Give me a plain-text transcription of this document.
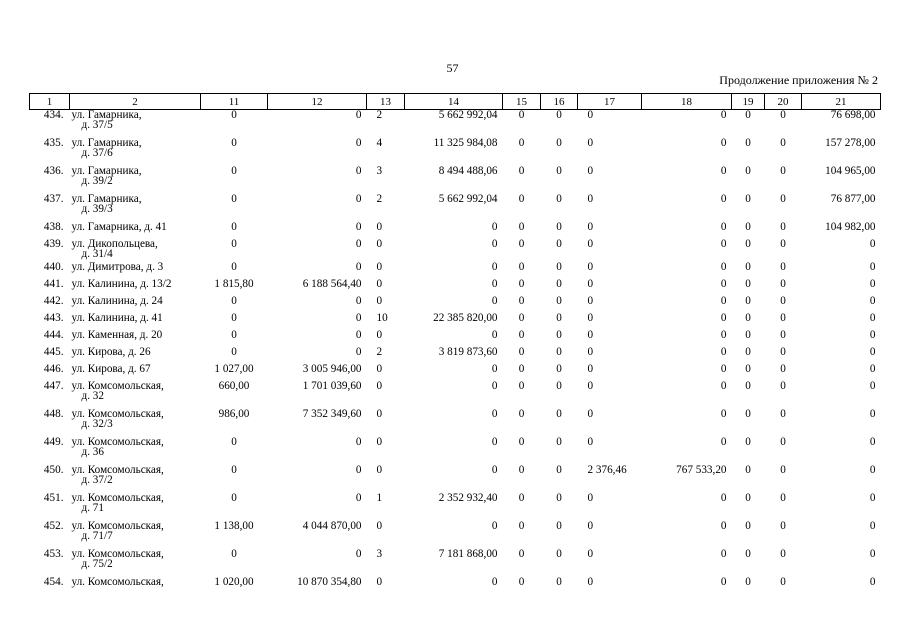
57
Продолжение приложения № 2
1	2	11	12	13	14	15	16	17	18	19	20	21
434.	ул. Гамарника,
д. 37/5	0	0	2	5 662 992,04	0	0	0	0	0	0	76 698,00
435.	ул. Гамарника,
д. 37/6	0	0	4	11 325 984,08	0	0	0	0	0	0	157 278,00
436.	ул. Гамарника,
д. 39/2	0	0	3	8 494 488,06	0	0	0	0	0	0	104 965,00
437.	ул. Гамарника,
д. 39/3	0	0	2	5 662 992,04	0	0	0	0	0	0	76 877,00
438.	ул. Гамарника, д. 41	0	0	0	0	0	0	0	0	0	0	104 982,00
439.	ул. Дикопольцева,
д. 31/4	0	0	0	0	0	0	0	0	0	0	0
440.	ул. Димитрова, д. 3	0	0	0	0	0	0	0	0	0	0	0
441.	ул. Калинина, д. 13/2	1 815,80	6 188 564,40	0	0	0	0	0	0	0	0	0
442.	ул. Калинина, д. 24	0	0	0	0	0	0	0	0	0	0	0
443.	ул. Калинина, д. 41	0	0	10	22 385 820,00	0	0	0	0	0	0	0
444.	ул. Каменная, д. 20	0	0	0	0	0	0	0	0	0	0	0
445.	ул. Кирова, д. 26	0	0	2	3 819 873,60	0	0	0	0	0	0	0
446.	ул. Кирова, д. 67	1 027,00	3 005 946,00	0	0	0	0	0	0	0	0	0
447.	ул. Комсомольская,
д. 32	660,00	1 701 039,60	0	0	0	0	0	0	0	0	0
448.	ул. Комсомольская,
д. 32/3	986,00	7 352 349,60	0	0	0	0	0	0	0	0	0
449.	ул. Комсомольская,
д. 36	0	0	0	0	0	0	0	0	0	0	0
450.	ул. Комсомольская,
д. 37/2	0	0	0	0	0	0	2 376,46	767 533,20	0	0	0
451.	ул. Комсомольская,
д. 71	0	0	1	2 352 932,40	0	0	0	0	0	0	0
452.	ул. Комсомольская,
д. 71/7	1 138,00	4 044 870,00	0	0	0	0	0	0	0	0	0
453.	ул. Комсомольская,
д. 75/2	0	0	3	7 181 868,00	0	0	0	0	0	0	0
454.	ул. Комсомольская,	1 020,00	10 870 354,80	0	0	0	0	0	0	0	0	0
